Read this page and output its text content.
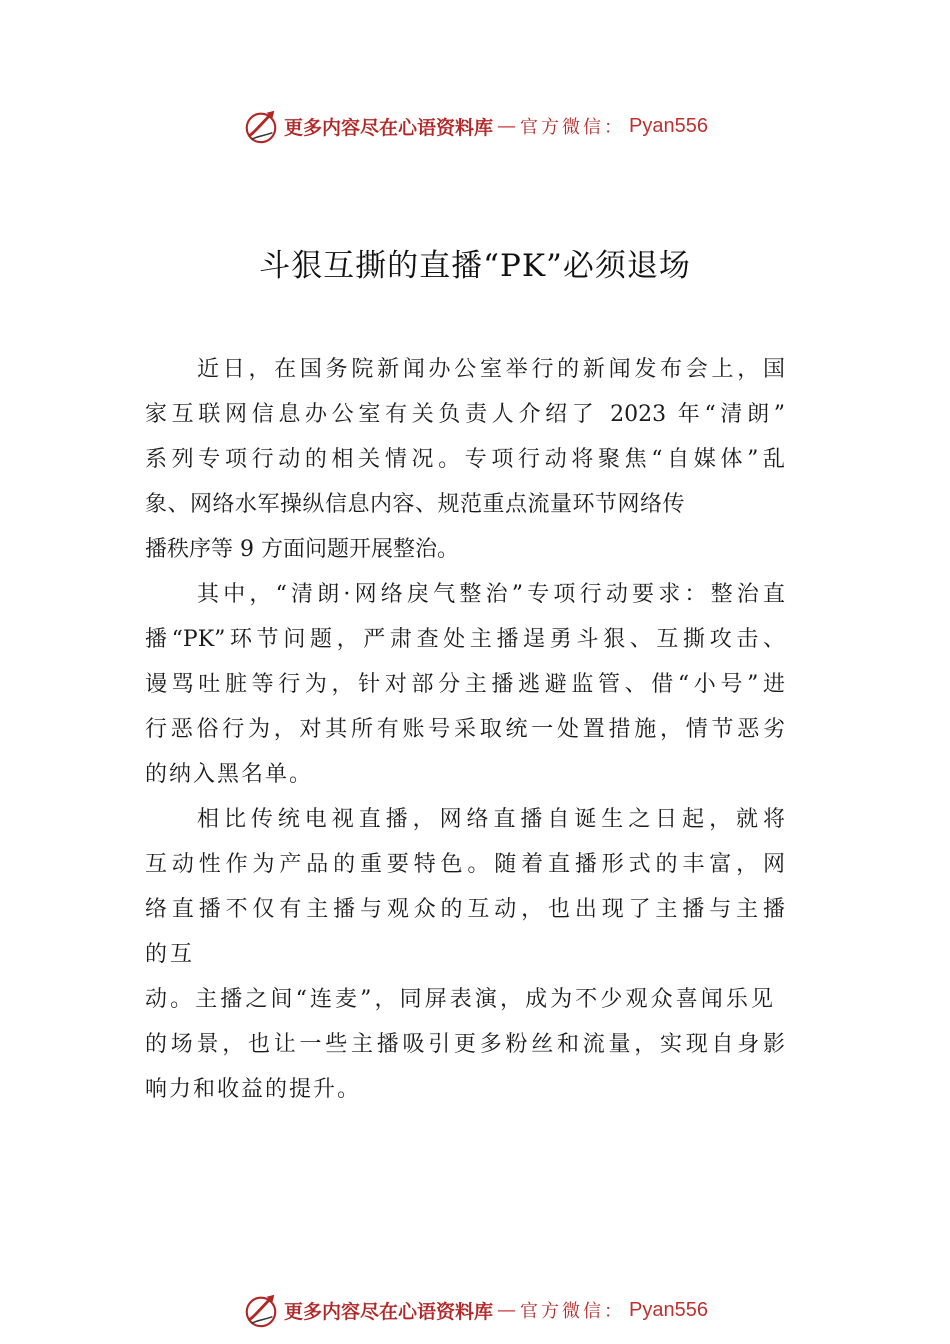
更多内容尽在心语资料库 — 官方微信： Pyan556
斗狠互撕的直播“PK”必须退场
近日，在国务院新闻办公室举行的新闻发布会上，国
家互联网信息办公室有关负责人介绍了 2023 年“清朗”
系列专项行动的相关情况。专项行动将聚焦“自媒体”乱
象、网络水军操纵信息内容、规范重点流量环节网络传
播秩序等 9 方面问题开展整治。
其中，“清朗·网络戾气整治”专项行动要求：整治直
播“PK”环节问题，严肃查处主播逞勇斗狠、互撕攻击、
谩骂吐脏等行为，针对部分主播逃避监管、借“小号”进
行恶俗行为，对其所有账号采取统一处置措施，情节恶劣
的纳入黑名单。
相比传统电视直播，网络直播自诞生之日起，就将
互动性作为产品的重要特色。随着直播形式的丰富，网
络直播不仅有主播与观众的互动，也出现了主播与主播
的互
动。主播之间“连麦”，同屏表演，成为不少观众喜闻乐见
的场景，也让一些主播吸引更多粉丝和流量，实现自身影
响力和收益的提升。
更多内容尽在心语资料库 — 官方微信： Pyan556
